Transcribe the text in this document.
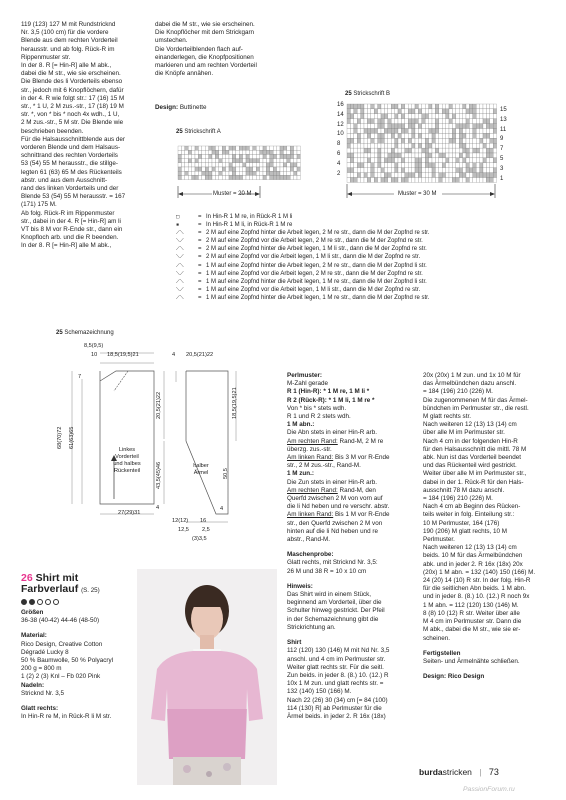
119 (123) 127 M mit Rundstricknd

Nr. 3,5 (100 cm) für die vordere

Blende aus dem rechten Vorderteil

herausstr. und ab folg. Rück-R im

Rippenmuster str.

In der 8. R [= Hin-R] alle M abk.,

dabei die M str., wie sie erscheinen.

Die Blende des li Vorderteils ebenso

str., jedoch mit 6 Knopflöchern, dafür

in der 4. R wie folgt str.: 17 (16) 15 M

str., * 1 U, 2 M zus.-str., 17 (18) 19 M

str. *, von * bis * noch 4x wdh., 1 U,

2 M zus.-str., 5 M str. Die Blende wie

beschrieben beenden.

Für die Halsausschnittblende aus der

vorderen Blende und dem Halsaus-

schnittrand des rechten Vorderteils

53 (54) 55 M herausstr., die stillge-

legten 61 (63) 65 M des Rückenteils

abstr. und aus dem Ausschnitt-

rand des linken Vorderteils und der

Blende 53 (54) 55 M herausstr. = 167

(171) 175 M.

Ab folg. Rück-R im Rippenmuster

str., dabei in der 4. R [= Hin-R] am li

VT bis 8 M vor R-Ende str., dann ein

Knopfloch arb. und die R beenden.

In der 8. R [= Hin-R] alle M abk.,

dabei die M str., wie sie erscheinen.

Die Knopflöcher mit dem Strickgarn

umstechen.

Die Vorderteilblenden flach auf-

einanderlegen, die Knopfpositionen

markieren und am rechten Vorderteil

die Knöpfe annähen.

Design: Buttinette
25 Strickschrift A
Muster = 20 M
25 Strickschrift B
16
14
12
10
8
6
4
2
15
13
11
9
7
5
3
1
Muster = 30 M
□	= In Hin-R 1 M re, in Rück-R 1 M li
▪	= In Hin-R 1 M li, in Rück-R 1 M re
⟋⟍	= 2 M auf eine Zopfnd hinter die Arbeit legen, 2 M re str., dann die M der Zopfnd re str.
⟍⟋	= 2 M auf eine Zopfnd vor die Arbeit legen, 2 M re str., dann die M der Zopfnd re str.
⟋⟍	= 2 M auf eine Zopfnd hinter die Arbeit legen, 1 M li str., dann die M der Zopfnd re str.
⟍⟋	= 2 M auf eine Zopfnd vor die Arbeit legen, 1 M li str., dann die M der Zopfnd re str.
⟋⟍	= 1 M auf eine Zopfnd hinter die Arbeit legen, 2 M re str., dann die M der Zopfnd li str.
⟍⟋	= 1 M auf eine Zopfnd vor die Arbeit legen, 2 M re str., dann die M der Zopfnd re str.
⟋⟍	= 1 M auf eine Zopfnd hinter die Arbeit legen, 1 M re str., dann die M der Zopfnd li str.
⟍⟋	= 1 M auf eine Zopfnd vor die Arbeit legen, 1 M li str., dann die M der Zopfnd re str.
⟋⟍	= 1 M auf eine Zopfnd hinter die Arbeit legen, 1 M re str., dann die M der Zopfnd re str.
25 Schemazeichnung
8,5(9,5)
10 18,5(19,5)21	4 20,5(21)22
68(70)72 61(63)65
7
20,5(21)22
43,5(45)46
27(29)31
4
18,5(19,5)21
50,5
4
12(12) 16
12,5 2,5
(3)3,5
Linkes
Vorderteil
und halbes
Rückenteil
halber
Ärmel
26 Shirt mit
Farbverlauf (S. 25)

Größen

36-38 (40-42) 44-46 (48-50)

Material:

Rico Design, Creative Cotton

Dégradé Lucky 8

50 % Baumwolle, 50 % Polyacryl

200 g = 800 m

1 (2) 2 (3) Knl – Fb 020 Pink

Nadeln:

Stricknd Nr. 3,5

Glatt rechts:

In Hin-R re M, in Rück-R li M str.

Perlmuster:

M-Zahl gerade

R 1 (Hin-R): * 1 M re, 1 M li *

R 2 (Rück-R): * 1 M li, 1 M re *

Von * bis * stets wdh.

R 1 und R 2 stets wdh.

1 M abn.:

Die Abn stets in einer Hin-R arb.

Am rechten Rand: Rand-M, 2 M re

überzg. zus.-str.

Am linken Rand: Bis 3 M vor R-Ende

str., 2 M zus.-str., Rand-M.

1 M zun.:

Die Zun stets in einer Hin-R arb.

Am rechten Rand: Rand-M, den

Querfd zwischen 2 M von vorn auf

die li Nd heben und re verschr. abstr.

Am linken Rand: Bis 1 M vor R-Ende

str., den Querfd zwischen 2 M von

hinten auf die li Nd heben und re

abstr., Rand-M.

Maschenprobe:

Glatt rechts, mit Stricknd Nr. 3,5:

26 M und 38 R = 10 x 10 cm

Hinweis:

Das Shirt wird in einem Stück,

beginnend am Vorderteil, über die

Schulter hinweg gestrickt. Der Pfeil

in der Schemazeichnung gibt die

Strickrichtung an.

Shirt

112 (120) 130 (146) M mit Nd Nr. 3,5

anschl. und 4 cm im Perlmuster str.

Weiter glatt rechts str. Für die seitl.

Zun beids. in jeder 8. (8.) 10. (12.) R

10x 1 M zun. und glatt rechts str. =

132 (140) 150 (166) M.

Nach 22 (26) 30 (34) cm [= 84 (100)

114 (130) R] ab Perlmuster für die

Ärmel beids. in jeder 2. R 16x (18x)

20x (20x) 1 M zun. und 1x 10 M für

das Ärmelbündchen dazu anschl.

= 184 (196) 210 (226) M.

Die zugenommenen M für das Ärmel-

bündchen im Perlmuster str., die restl.

M glatt rechts str.

Nach weiteren 12 (13) 13 (14) cm

über alle M im Perlmuster str.

Nach 4 cm in der folgenden Hin-R

für den Halsausschnitt die mittl. 78 M

abk. Nun ist das Vorderteil beendet

und das Rückenteil wird gestrickt.

Weiter über alle M im Perlmuster str.,

dabei in der 1. Rück-R für den Hals-

ausschnitt 78 M dazu anschl.

= 184 (196) 210 (226) M.

Nach 4 cm ab Beginn des Rücken-

teils weiter in folg. Einteilung str.:

10 M Perlmuster, 164 (176)

190 (206) M glatt rechts, 10 M

Perlmuster.

Nach weiteren 12 (13) 13 (14) cm

beids. 10 M für das Ärmelbündchen

abk. und in jeder 2. R 16x (18x) 20x

(20x) 1 M abn. = 132 (140) 150 (166) M.

24 (20) 14 (10) R str. In der folg. Hin-R

für die seitlichen Abn beids. 1 M abn.

und in jeder 8. (8.) 10. (12.) R noch 9x

1 M abn. = 112 (120) 130 (146) M.

8 (8) 10 (12) R str. Weiter über alle

M 4 cm im Perlmuster str. Dann die

M abk., dabei die M str., wie sie er-

scheinen.

Fertigstellen

Seiten- und Ärmelnähte schließen.

Design: Rico Design

burdastricken | 73
PassionForum.ru
